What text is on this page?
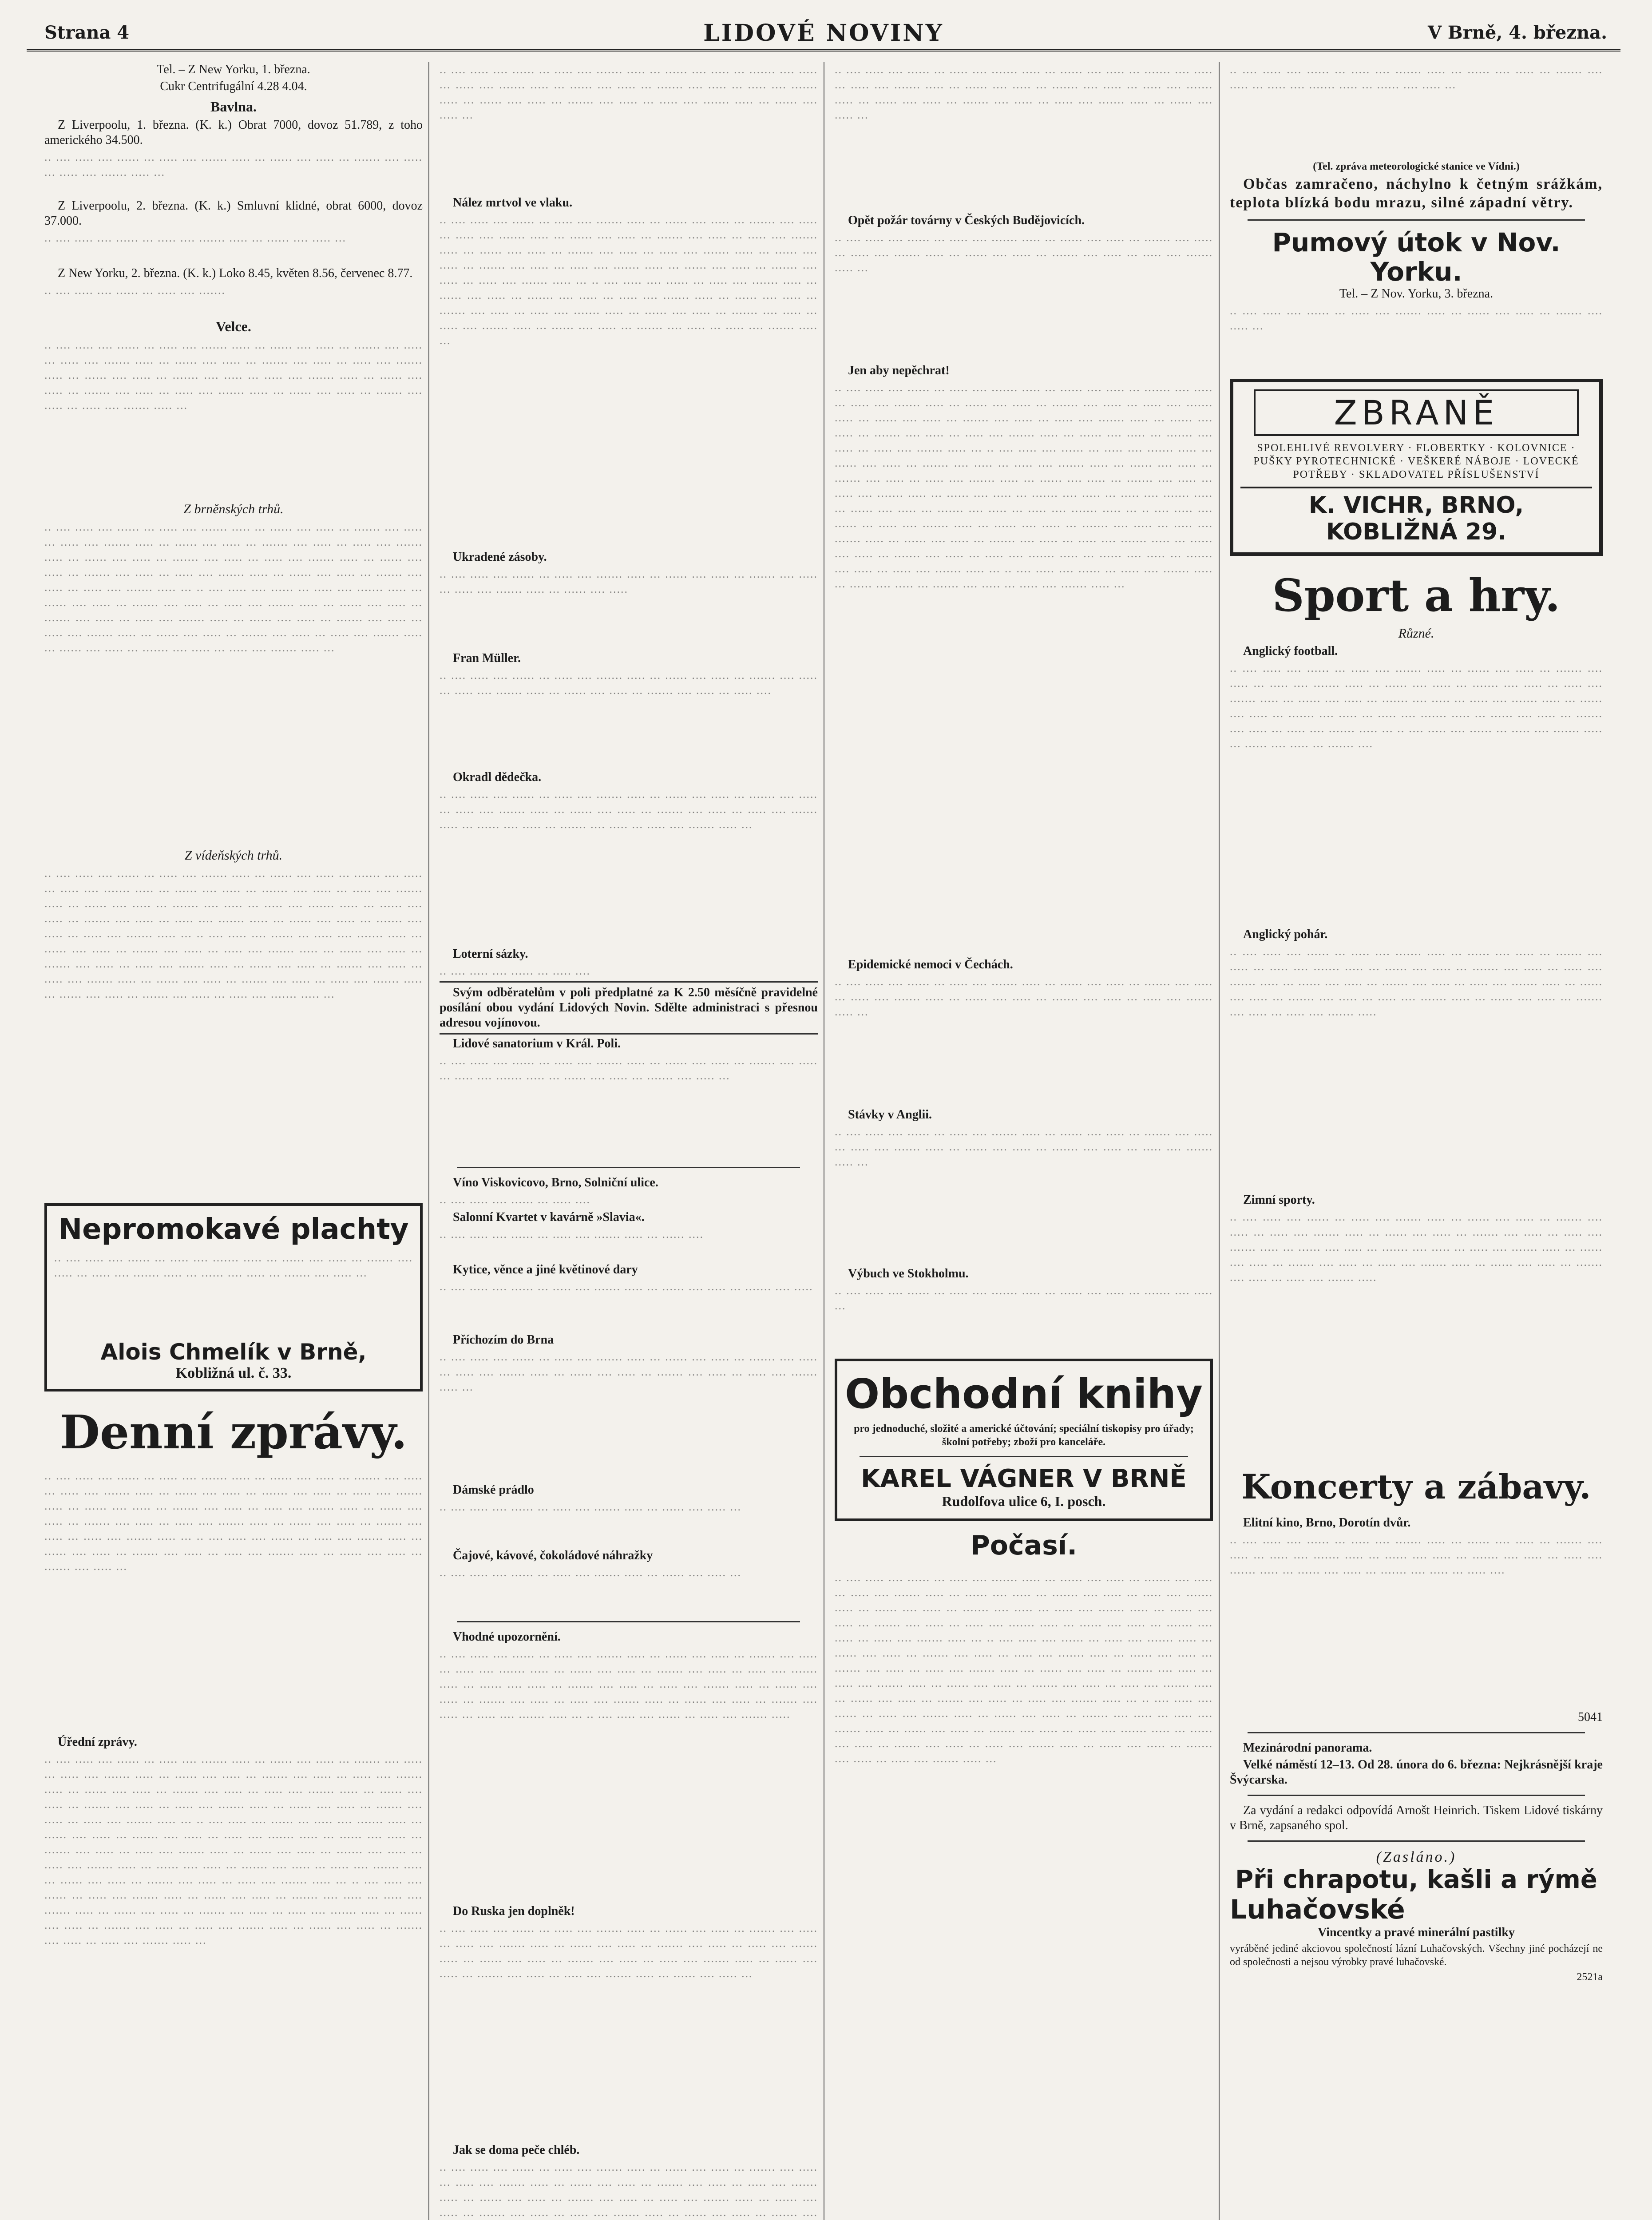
Strana 4	LIDOVÉ NOVINY	V Brně, 4. března.

Tel. – Z New Yorku, 1. března.

Cukr Centrifugální 4.28 4.04.

Bavlna.

Z Liverpoolu, 1. března. (K. k.) Obrat 7000, dovoz 51.789, z toho amerického 34.500.

.. .... ..... .... ...... ... ..... .... ....... ..... ... ...... .... ..... ... ....... .... ..... ... ..... .... ....... ..... ...

Z Liverpoolu, 2. března. (K. k.) Smluvní klidné, obrat 6000, dovoz 37.000.

.. .... ..... .... ...... ... ..... .... ....... ..... ... ...... .... ..... ...

Z New Yorku, 2. března. (K. k.) Loko 8.45, květen 8.56, červenec 8.77.

.. .... ..... .... ...... ... ..... .... .......
Velce.
.. .... ..... .... ...... ... ..... .... ....... ..... ... ...... .... ..... ... ....... .... ..... ... ..... .... ....... ..... ... ...... .... ..... ... ....... .... ..... ... ..... .... ....... ..... ... ...... .... ..... ... ....... .... ..... ... ..... .... ....... ..... ... ...... .... ..... ... ....... .... ..... ... ..... .... ....... ..... ... ...... .... ..... ... ....... .... ..... ... ..... .... ....... ..... ...
Z brněnských trhů.
.. .... ..... .... ...... ... ..... .... ....... ..... ... ...... .... ..... ... ....... .... ..... ... ..... .... ....... ..... ... ...... .... ..... ... ....... .... ..... ... ..... .... ....... ..... ... ...... .... ..... ... ....... .... ..... ... ..... .... ....... ..... ... ...... .... ..... ... ....... .... ..... ... ..... .... ....... ..... ... ...... .... ..... ... ....... .... ..... ... ..... .... ....... ..... ... .. .... ..... .... ...... ... ..... .... ....... ..... ... ...... .... ..... ... ....... .... ..... ... ..... .... ....... ..... ... ...... .... ..... ... ....... .... ..... ... ..... .... ....... ..... ... ...... .... ..... ... ....... .... ..... ... ..... .... ....... ..... ... ...... .... ..... ... ....... .... ..... ... ..... .... ....... ..... ... ...... .... ..... ... ....... .... ..... ... ..... .... ....... ..... ...
Z vídeňských trhů.
.. .... ..... .... ...... ... ..... .... ....... ..... ... ...... .... ..... ... ....... .... ..... ... ..... .... ....... ..... ... ...... .... ..... ... ....... .... ..... ... ..... .... ....... ..... ... ...... .... ..... ... ....... .... ..... ... ..... .... ....... ..... ... ...... .... ..... ... ....... .... ..... ... ..... .... ....... ..... ... ...... .... ..... ... ....... .... ..... ... ..... .... ....... ..... ... .. .... ..... .... ...... ... ..... .... ....... ..... ... ...... .... ..... ... ....... .... ..... ... ..... .... ....... ..... ... ...... .... ..... ... ....... .... ..... ... ..... .... ....... ..... ... ...... .... ..... ... ....... .... ..... ... ..... .... ....... ..... ... ...... .... ..... ... ....... .... ..... ... ..... .... ....... ..... ... ...... .... ..... ... ....... .... ..... ... ..... .... ....... ..... ...
Nepromokavé plachty
.. .... ..... .... ...... ... ..... .... ....... ..... ... ...... .... ..... ... ....... .... ..... ... ..... .... ....... ..... ... ...... .... ..... ... ....... .... ..... ...
Alois Chmelík v Brně,
Kobližná ul. č. 33.
Denní zprávy.
.. .... ..... .... ...... ... ..... .... ....... ..... ... ...... .... ..... ... ....... .... ..... ... ..... .... ....... ..... ... ...... .... ..... ... ....... .... ..... ... ..... .... ....... ..... ... ...... .... ..... ... ....... .... ..... ... ..... .... ....... ..... ... ...... .... ..... ... ....... .... ..... ... ..... .... ....... ..... ... ...... .... ..... ... ....... .... ..... ... ..... .... ....... ..... ... .. .... ..... .... ...... ... ..... .... ....... ..... ... ...... .... ..... ... ....... .... ..... ... ..... .... ....... ..... ... ...... .... ..... ... ....... .... ..... ...

Úřední zprávy.

.. .... ..... .... ...... ... ..... .... ....... ..... ... ...... .... ..... ... ....... .... ..... ... ..... .... ....... ..... ... ...... .... ..... ... ....... .... ..... ... ..... .... ....... ..... ... ...... .... ..... ... ....... .... ..... ... ..... .... ....... ..... ... ...... .... ..... ... ....... .... ..... ... ..... .... ....... ..... ... ...... .... ..... ... ....... .... ..... ... ..... .... ....... ..... ... .. .... ..... .... ...... ... ..... .... ....... ..... ... ...... .... ..... ... ....... .... ..... ... ..... .... ....... ..... ... ...... .... ..... ... ....... .... ..... ... ..... .... ....... ..... ... ...... .... ..... ... ....... .... ..... ... ..... .... ....... ..... ... ...... .... ..... ... ....... .... ..... ... ..... .... ....... ..... ... ...... .... ..... ... ....... .... ..... ... ..... .... ....... ..... ... .. .... ..... .... ...... ... ..... .... ....... ..... ... ...... .... ..... ... ....... .... ..... ... ..... .... ....... ..... ... ...... .... ..... ... ....... .... ..... ... ..... .... ....... ..... ... ...... .... ..... ... ....... .... ..... ... ..... .... ....... ..... ... ...... .... ..... ... ....... .... ..... ... ..... .... ....... ..... ...

.. .... ..... .... ...... ... ..... .... ....... ..... ... ...... .... ..... ... ....... .... ..... ... ..... .... ....... ..... ... ...... .... ..... ... ....... .... ..... ... ..... .... ....... ..... ... ...... .... ..... ... ....... .... ..... ... ..... .... ....... ..... ... ...... .... ..... ...

Nález mrtvol ve vlaku.

.. .... ..... .... ...... ... ..... .... ....... ..... ... ...... .... ..... ... ....... .... ..... ... ..... .... ....... ..... ... ...... .... ..... ... ....... .... ..... ... ..... .... ....... ..... ... ...... .... ..... ... ....... .... ..... ... ..... .... ....... ..... ... ...... .... ..... ... ....... .... ..... ... ..... .... ....... ..... ... ...... .... ..... ... ....... .... ..... ... ..... .... ....... ..... ... .. .... ..... .... ...... ... ..... .... ....... ..... ... ...... .... ..... ... ....... .... ..... ... ..... .... ....... ..... ... ...... .... ..... ... ....... .... ..... ... ..... .... ....... ..... ... ...... .... ..... ... ....... .... ..... ... ..... .... ....... ..... ... ...... .... ..... ... ....... .... ..... ... ..... .... ....... ..... ...

Ukradené zásoby.

.. .... ..... .... ...... ... ..... .... ....... ..... ... ...... .... ..... ... ....... .... ..... ... ..... .... ....... ..... ... ...... .... .....

Fran Müller.

.. .... ..... .... ...... ... ..... .... ....... ..... ... ...... .... ..... ... ....... .... ..... ... ..... .... ....... ..... ... ...... .... ..... ... ....... .... ..... ... ..... ....

Okradl dědečka.

.. .... ..... .... ...... ... ..... .... ....... ..... ... ...... .... ..... ... ....... .... ..... ... ..... .... ....... ..... ... ...... .... ..... ... ....... .... ..... ... ..... .... ....... ..... ... ...... .... ..... ... ....... .... ..... ... ..... .... ....... ..... ...

Loterní sázky.

.. .... ..... .... ...... ... ..... ....

Svým odběratelům v poli předplatné za K 2.50 měsíčně pravidelné posílání obou vydání Lidových Novin. Sdělte administraci s přesnou adresou vojínovou.

Lidové sanatorium v Král. Poli.

.. .... ..... .... ...... ... ..... .... ....... ..... ... ...... .... ..... ... ....... .... ..... ... ..... .... ....... ..... ... ...... .... ..... ... ....... .... ..... ...

Víno Viskovicovo, Brno, Solniční ulice.

.. .... ..... .... ...... ... ..... ....

Salonní Kvartet v kavárně »Slavia«.

.. .... ..... .... ...... ... ..... .... ....... ..... ... ...... ....

Kytice, věnce a jiné květinové dary

.. .... ..... .... ...... ... ..... .... ....... ..... ... ...... .... ..... ... ....... .... .....

Příchozím do Brna

.. .... ..... .... ...... ... ..... .... ....... ..... ... ...... .... ..... ... ....... .... ..... ... ..... .... ....... ..... ... ...... .... ..... ... ....... .... ..... ... ..... .... ....... ..... ...

Dámské prádlo

.. .... ..... .... ...... ... ..... .... ....... ..... ... ...... .... ..... ...

Čajové, kávové, čokoládové náhražky

.. .... ..... .... ...... ... ..... .... ....... ..... ... ...... .... ..... ...

Vhodné upozornění.

.. .... ..... .... ...... ... ..... .... ....... ..... ... ...... .... ..... ... ....... .... ..... ... ..... .... ....... ..... ... ...... .... ..... ... ....... .... ..... ... ..... .... ....... ..... ... ...... .... ..... ... ....... .... ..... ... ..... .... ....... ..... ... ...... .... ..... ... ....... .... ..... ... ..... .... ....... ..... ... ...... .... ..... ... ....... .... ..... ... ..... .... ....... ..... ... .. .... ..... .... ...... ... ..... .... ....... .....

Do Ruska jen doplněk!

.. .... ..... .... ...... ... ..... .... ....... ..... ... ...... .... ..... ... ....... .... ..... ... ..... .... ....... ..... ... ...... .... ..... ... ....... .... ..... ... ..... .... ....... ..... ... ...... .... ..... ... ....... .... ..... ... ..... .... ....... ..... ... ...... .... ..... ... ....... .... ..... ... ..... .... ....... ..... ... ...... .... ..... ...

Jak se doma peče chléb.

.. .... ..... .... ...... ... ..... .... ....... ..... ... ...... .... ..... ... ....... .... ..... ... ..... .... ....... ..... ... ...... .... ..... ... ....... .... ..... ... ..... .... ....... ..... ... ...... .... ..... ... ....... .... ..... ... ..... .... ....... ..... ... ...... .... ..... ... ....... .... ..... ... ..... .... ....... ..... ... ...... .... ..... ... ....... ....
.. .... ..... .... ...... ... ..... .... ....... ..... ... ...... .... ..... ... ....... .... ..... ... ..... .... ....... ..... ... ...... .... ..... ... ....... .... ..... ... ..... .... ....... ..... ... ...... .... ..... ... ....... .... ..... ... ..... .... ....... ..... ... ...... .... ..... ...

Opět požár továrny v Českých Budějovicích.

.. .... ..... .... ...... ... ..... .... ....... ..... ... ...... .... ..... ... ....... .... ..... ... ..... .... ....... ..... ... ...... .... ..... ... ....... .... ..... ... ..... .... ....... ..... ...

Jen aby nepěchrat!

.. .... ..... .... ...... ... ..... .... ....... ..... ... ...... .... ..... ... ....... .... ..... ... ..... .... ....... ..... ... ...... .... ..... ... ....... .... ..... ... ..... .... ....... ..... ... ...... .... ..... ... ....... .... ..... ... ..... .... ....... ..... ... ...... .... ..... ... ....... .... ..... ... ..... .... ....... ..... ... ...... .... ..... ... ....... .... ..... ... ..... .... ....... ..... ... .. .... ..... .... ...... ... ..... .... ....... ..... ... ...... .... ..... ... ....... .... ..... ... ..... .... ....... ..... ... ...... .... ..... ... ....... .... ..... ... ..... .... ....... ..... ... ...... .... ..... ... ....... .... ..... ... ..... .... ....... ..... ... ...... .... ..... ... ....... .... ..... ... ..... .... ....... ..... ... ...... .... ..... ... ....... .... ..... ... ..... .... ....... ..... ... .. .... ..... .... ...... ... ..... .... ....... ..... ... ...... .... ..... ... ....... .... ..... ... ..... .... ....... ..... ... ...... .... ..... ... ....... .... ..... ... ..... .... ....... ..... ... ...... .... ..... ... ....... .... ..... ... ..... .... ....... ..... ... ...... .... ..... ... ....... .... ..... ... ..... .... ....... ..... ... .. .... ..... .... ...... ... ..... .... ....... ..... ... ...... .... ..... ... ....... .... ..... ... ..... .... ....... ..... ...

Epidemické nemoci v Čechách.

.. .... ..... .... ...... ... ..... .... ....... ..... ... ...... .... ..... ... ....... .... ..... ... ..... .... ....... ..... ... ...... .... ..... ... ....... .... ..... ... ..... .... ....... ..... ...

Stávky v Anglii.

.. .... ..... .... ...... ... ..... .... ....... ..... ... ...... .... ..... ... ....... .... ..... ... ..... .... ....... ..... ... ...... .... ..... ... ....... .... ..... ... ..... .... ....... ..... ...

Výbuch ve Stokholmu.

.. .... ..... .... ...... ... ..... .... ....... ..... ... ...... .... ..... ... ....... .... ..... ...
Obchodní knihy
pro jednoduché, složité a americké účtování; speciální tiskopisy pro úřady; školní potřeby; zboží pro kanceláře.
KAREL VÁGNER V BRNĚ
Rudolfova ulice 6, I. posch.
Počasí.
.. .... ..... .... ...... ... ..... .... ....... ..... ... ...... .... ..... ... ....... .... ..... ... ..... .... ....... ..... ... ...... .... ..... ... ....... .... ..... ... ..... .... ....... ..... ... ...... .... ..... ... ....... .... ..... ... ..... .... ....... ..... ... ...... .... ..... ... ....... .... ..... ... ..... .... ....... ..... ... ...... .... ..... ... ....... .... ..... ... ..... .... ....... ..... ... .. .... ..... .... ...... ... ..... .... ....... ..... ... ...... .... ..... ... ....... .... ..... ... ..... .... ....... ..... ... ...... .... ..... ... ....... .... ..... ... ..... .... ....... ..... ... ...... .... ..... ... ....... .... ..... ... ..... .... ....... ..... ... ...... .... ..... ... ....... .... ..... ... ..... .... ....... ..... ... ...... .... ..... ... ....... .... ..... ... ..... .... ....... ..... ... .. .... ..... .... ...... ... ..... .... ....... ..... ... ...... .... ..... ... ....... .... ..... ... ..... .... ....... ..... ... ...... .... ..... ... ....... .... ..... ... ..... .... ....... ..... ... ...... .... ..... ... ....... .... ..... ... ..... .... ....... ..... ... ...... .... ..... ... ....... .... ..... ... ..... .... ....... ..... ...
.. .... ..... .... ...... ... ..... .... ....... ..... ... ...... .... ..... ... ....... .... ..... ... ..... .... ....... ..... ... ...... .... ..... ...

(Tel. zpráva meteorologické stanice ve Vídni.)

Občas zamračeno, náchylno k četným srážkám, teplota blízká bodu mrazu, silné západní větry.

Pumový útok v Nov. Yorku.

Tel. – Z Nov. Yorku, 3. března.

.. .... ..... .... ...... ... ..... .... ....... ..... ... ...... .... ..... ... ....... .... ..... ...
ZBRANĚ
SPOLEHLIVÉ REVOLVERY · FLOBERTKY · KOLOVNICE · PUŠKY PYROTECHNICKÉ · VEŠKERÉ NÁBOJE · LOVECKÉ POTŘEBY · SKLADOVATEL PŘÍSLUŠENSTVÍ
K. VICHR, BRNO, KOBLIŽNÁ 29.
Sport a hry.
Různé.

Anglický football.

.. .... ..... .... ...... ... ..... .... ....... ..... ... ...... .... ..... ... ....... .... ..... ... ..... .... ....... ..... ... ...... .... ..... ... ....... .... ..... ... ..... .... ....... ..... ... ...... .... ..... ... ....... .... ..... ... ..... .... ....... ..... ... ...... .... ..... ... ....... .... ..... ... ..... .... ....... ..... ... ...... .... ..... ... ....... .... ..... ... ..... .... ....... ..... ... .. .... ..... .... ...... ... ..... .... ....... ..... ... ...... .... ..... ... ....... ....

Anglický pohár.

.. .... ..... .... ...... ... ..... .... ....... ..... ... ...... .... ..... ... ....... .... ..... ... ..... .... ....... ..... ... ...... .... ..... ... ....... .... ..... ... ..... .... ....... ..... ... ...... .... ..... ... ....... .... ..... ... ..... .... ....... ..... ... ...... .... ..... ... ....... .... ..... ... ..... .... ....... ..... ... ...... .... ..... ... ....... .... ..... ... ..... .... ....... .....

Zimní sporty.

.. .... ..... .... ...... ... ..... .... ....... ..... ... ...... .... ..... ... ....... .... ..... ... ..... .... ....... ..... ... ...... .... ..... ... ....... .... ..... ... ..... .... ....... ..... ... ...... .... ..... ... ....... .... ..... ... ..... .... ....... ..... ... ...... .... ..... ... ....... .... ..... ... ..... .... ....... ..... ... ...... .... ..... ... ....... .... ..... ... ..... .... ....... .....
Koncerty a zábavy.

Elitní kino, Brno, Dorotín dvůr.

.. .... ..... .... ...... ... ..... .... ....... ..... ... ...... .... ..... ... ....... .... ..... ... ..... .... ....... ..... ... ...... .... ..... ... ....... .... ..... ... ..... .... ....... ..... ... ...... .... ..... ... ....... .... ..... ... ..... ....

5041

Mezinárodní panorama.

Velké náměstí 12–13. Od 28. února do 6. března: Nejkrásnější kraje Švýcarska.

Za vydání a redakci odpovídá Arnošt Heinrich. Tiskem Lidové tiskárny v Brně, zapsaného spol.

(Zasláno.)
Při chrapotu, kašli a rýmě
Luhačovské

Vincentky a pravé minerální pastilky

vyráběné jediné akciovou společností lázní Luhačovských. Všechny jiné pocházejí ne od společnosti a nejsou výrobky pravé luhačovské.

2521a
